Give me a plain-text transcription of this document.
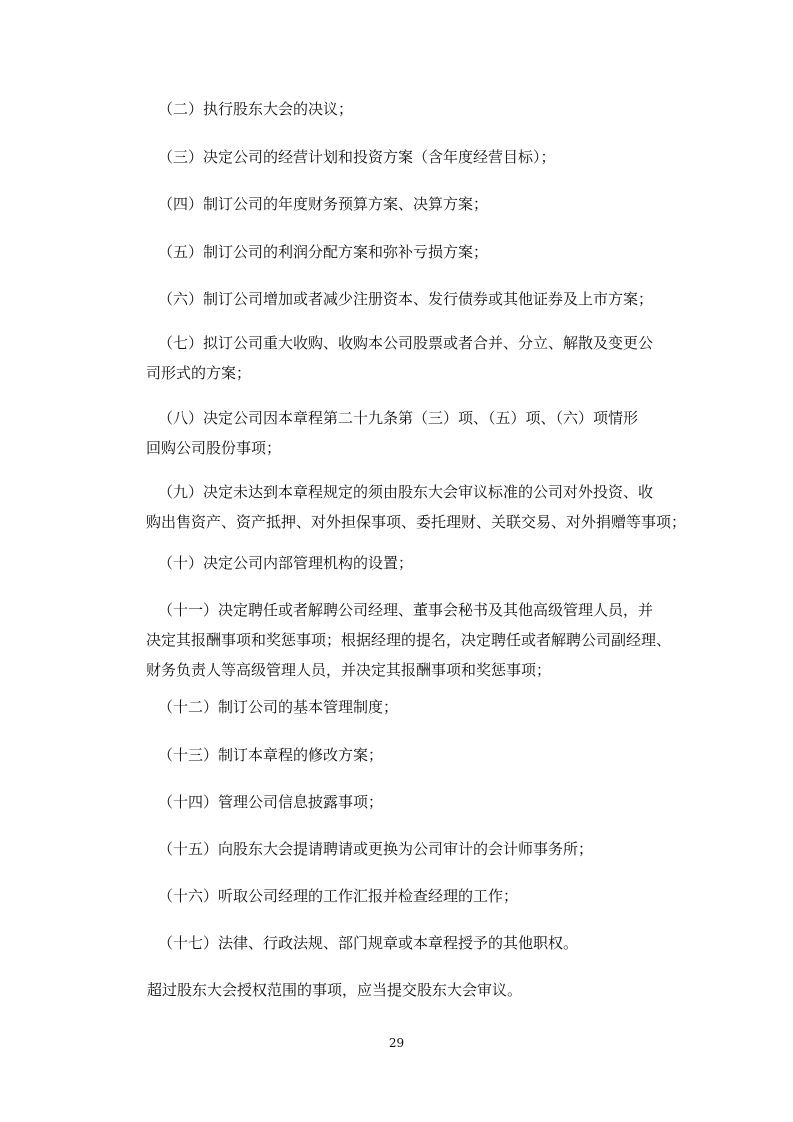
（二）执行股东大会的决议；

（三）决定公司的经营计划和投资方案（含年度经营目标）；

（四）制订公司的年度财务预算方案、决算方案；

（五）制订公司的利润分配方案和弥补亏损方案；

（六）制订公司增加或者减少注册资本、发行债券或其他证券及上市方案；

（七）拟订公司重大收购、收购本公司股票或者合并、分立、解散及变更公
司形式的方案；

（八）决定公司因本章程第二十九条第（三）项、（五）项、（六）项情形
回购公司股份事项；

（九）决定未达到本章程规定的须由股东大会审议标准的公司对外投资、收
购出售资产、资产抵押、对外担保事项、委托理财、关联交易、对外捐赠等事项；

（十）决定公司内部管理机构的设置；

（十一）决定聘任或者解聘公司经理、董事会秘书及其他高级管理人员，并
决定其报酬事项和奖惩事项；根据经理的提名，决定聘任或者解聘公司副经理、
财务负责人等高级管理人员，并决定其报酬事项和奖惩事项；

（十二）制订公司的基本管理制度；

（十三）制订本章程的修改方案；

（十四）管理公司信息披露事项；

（十五）向股东大会提请聘请或更换为公司审计的会计师事务所；

（十六）听取公司经理的工作汇报并检查经理的工作；

（十七）法律、行政法规、部门规章或本章程授予的其他职权。

超过股东大会授权范围的事项，应当提交股东大会审议。

29
